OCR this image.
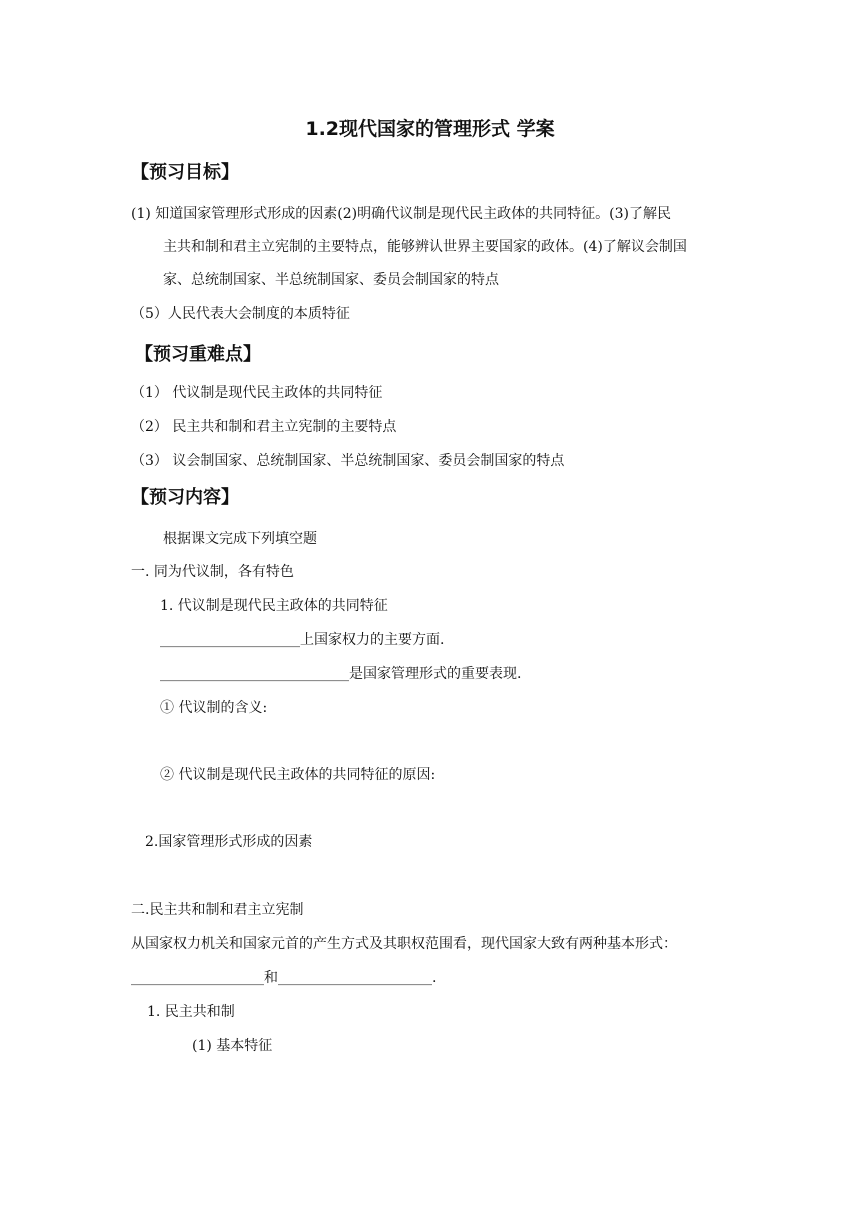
1.2现代国家的管理形式 学案
【预习目标】
(1) 知道国家管理形式形成的因素(2)明确代议制是现代民主政体的共同特征。(3)了解民
主共和制和君主立宪制的主要特点，能够辨认世界主要国家的政体。(4)了解议会制国
家、总统制国家、半总统制国家、委员会制国家的特点
（5）人民代表大会制度的本质特征
【预习重难点】
（1） 代议制是现代民主政体的共同特征
（2） 民主共和制和君主立宪制的主要特点
（3） 议会制国家、总统制国家、半总统制国家、委员会制国家的特点
【预习内容】
根据课文完成下列填空题
一. 同为代议制，各有特色
1. 代议制是现代民主政体的共同特征
____________________上国家权力的主要方面.
___________________________是国家管理形式的重要表现.
① 代议制的含义:
② 代议制是现代民主政体的共同特征的原因:
2.国家管理形式形成的因素
二.民主共和制和君主立宪制
从国家权力机关和国家元首的产生方式及其职权范围看，现代国家大致有两种基本形式：
___________________和______________________.
1. 民主共和制
(1) 基本特征
